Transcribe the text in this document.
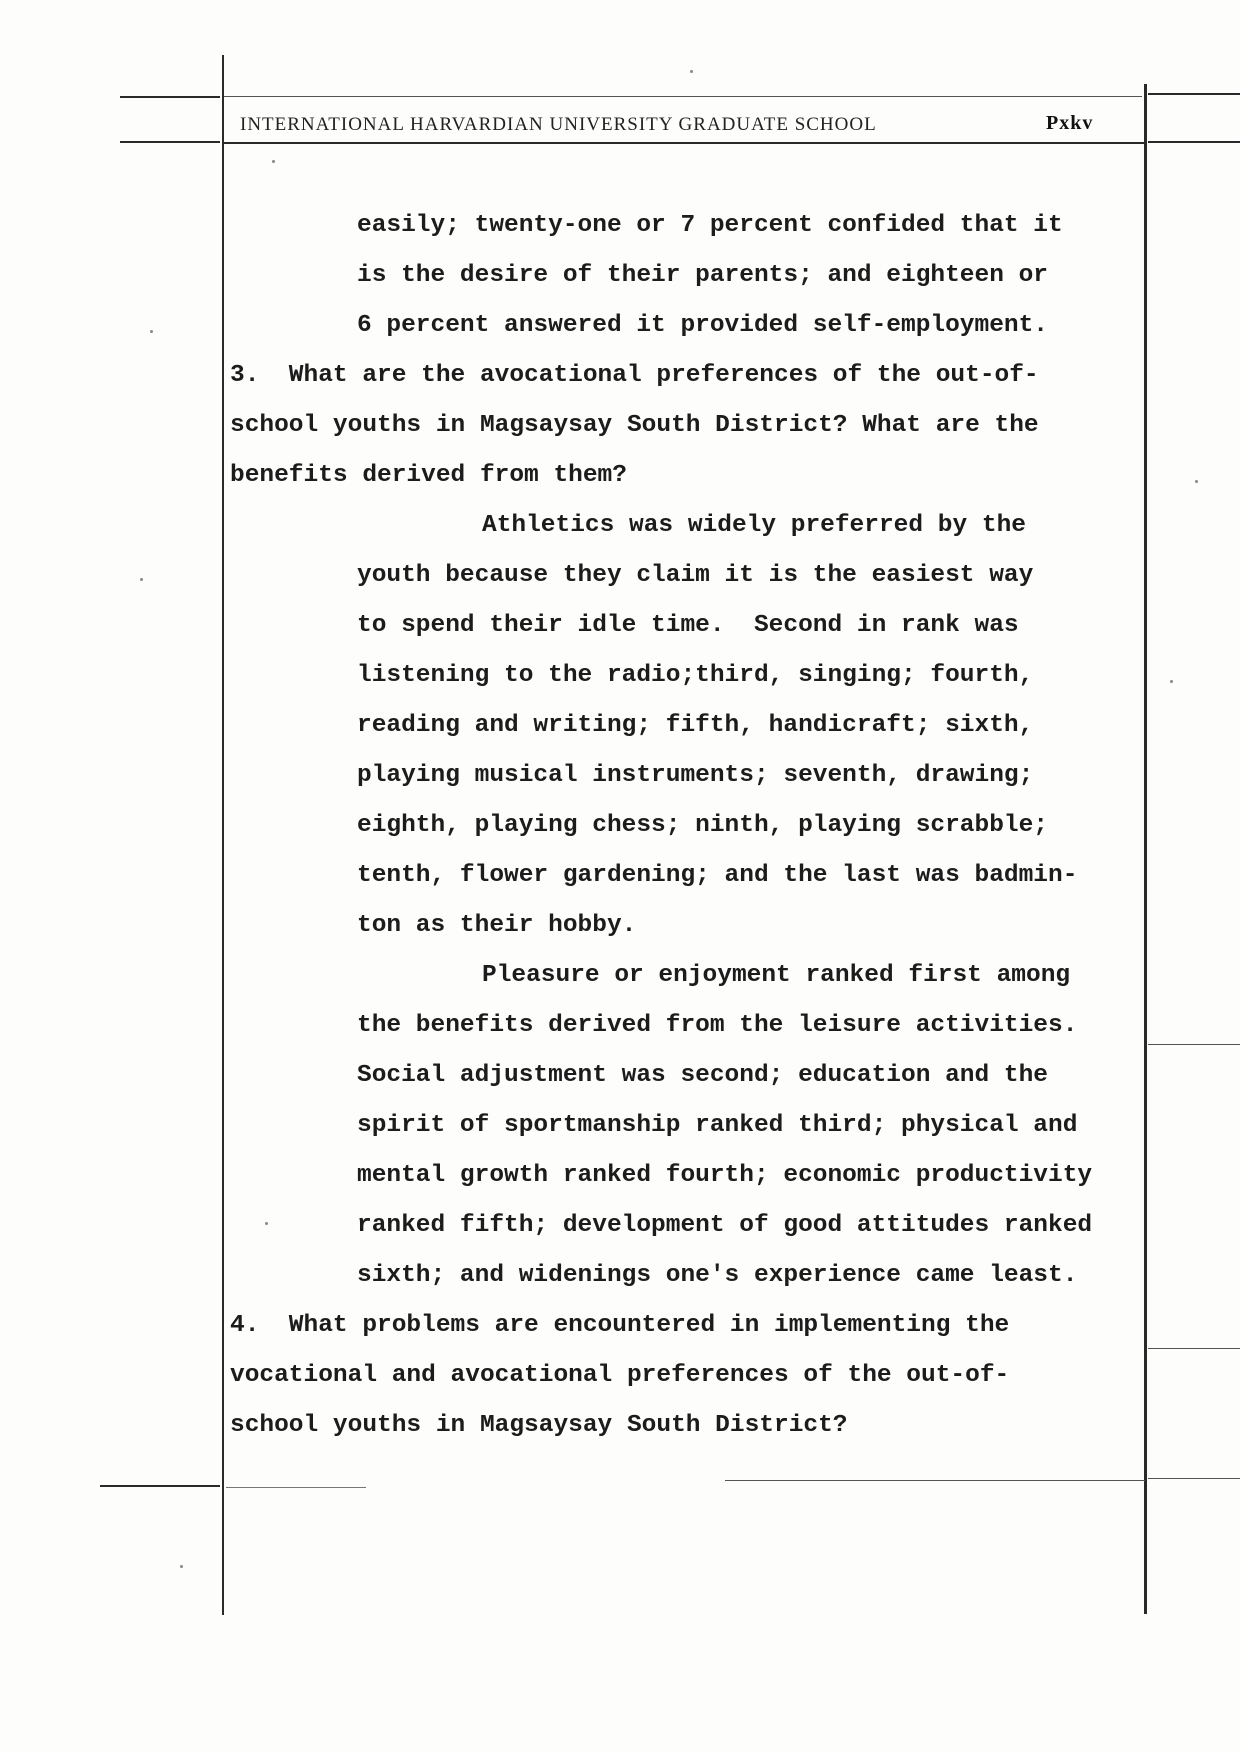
INTERNATIONAL HARVARDIAN UNIVERSITY GRADUATE SCHOOL	Pxkv
easily; twenty-one or 7 percent confided that it
is the desire of their parents; and eighteen or
6 percent answered it provided self-employment.
3.  What are the avocational preferences of the out-of-
school youths in Magsaysay South District? What are the
benefits derived from them?
Athletics was widely preferred by the
youth because they claim it is the easiest way
to spend their idle time.  Second in rank was
listening to the radio;third, singing; fourth,
reading and writing; fifth, handicraft; sixth,
playing musical instruments; seventh, drawing;
eighth, playing chess; ninth, playing scrabble;
tenth, flower gardening; and the last was badmin-
ton as their hobby.
Pleasure or enjoyment ranked first among
the benefits derived from the leisure activities.
Social adjustment was second; education and the
spirit of sportmanship ranked third; physical and
mental growth ranked fourth; economic productivity
ranked fifth; development of good attitudes ranked
sixth; and widenings one's experience came least.
4.  What problems are encountered in implementing the
vocational and avocational preferences of the out-of-
school youths in Magsaysay South District?
